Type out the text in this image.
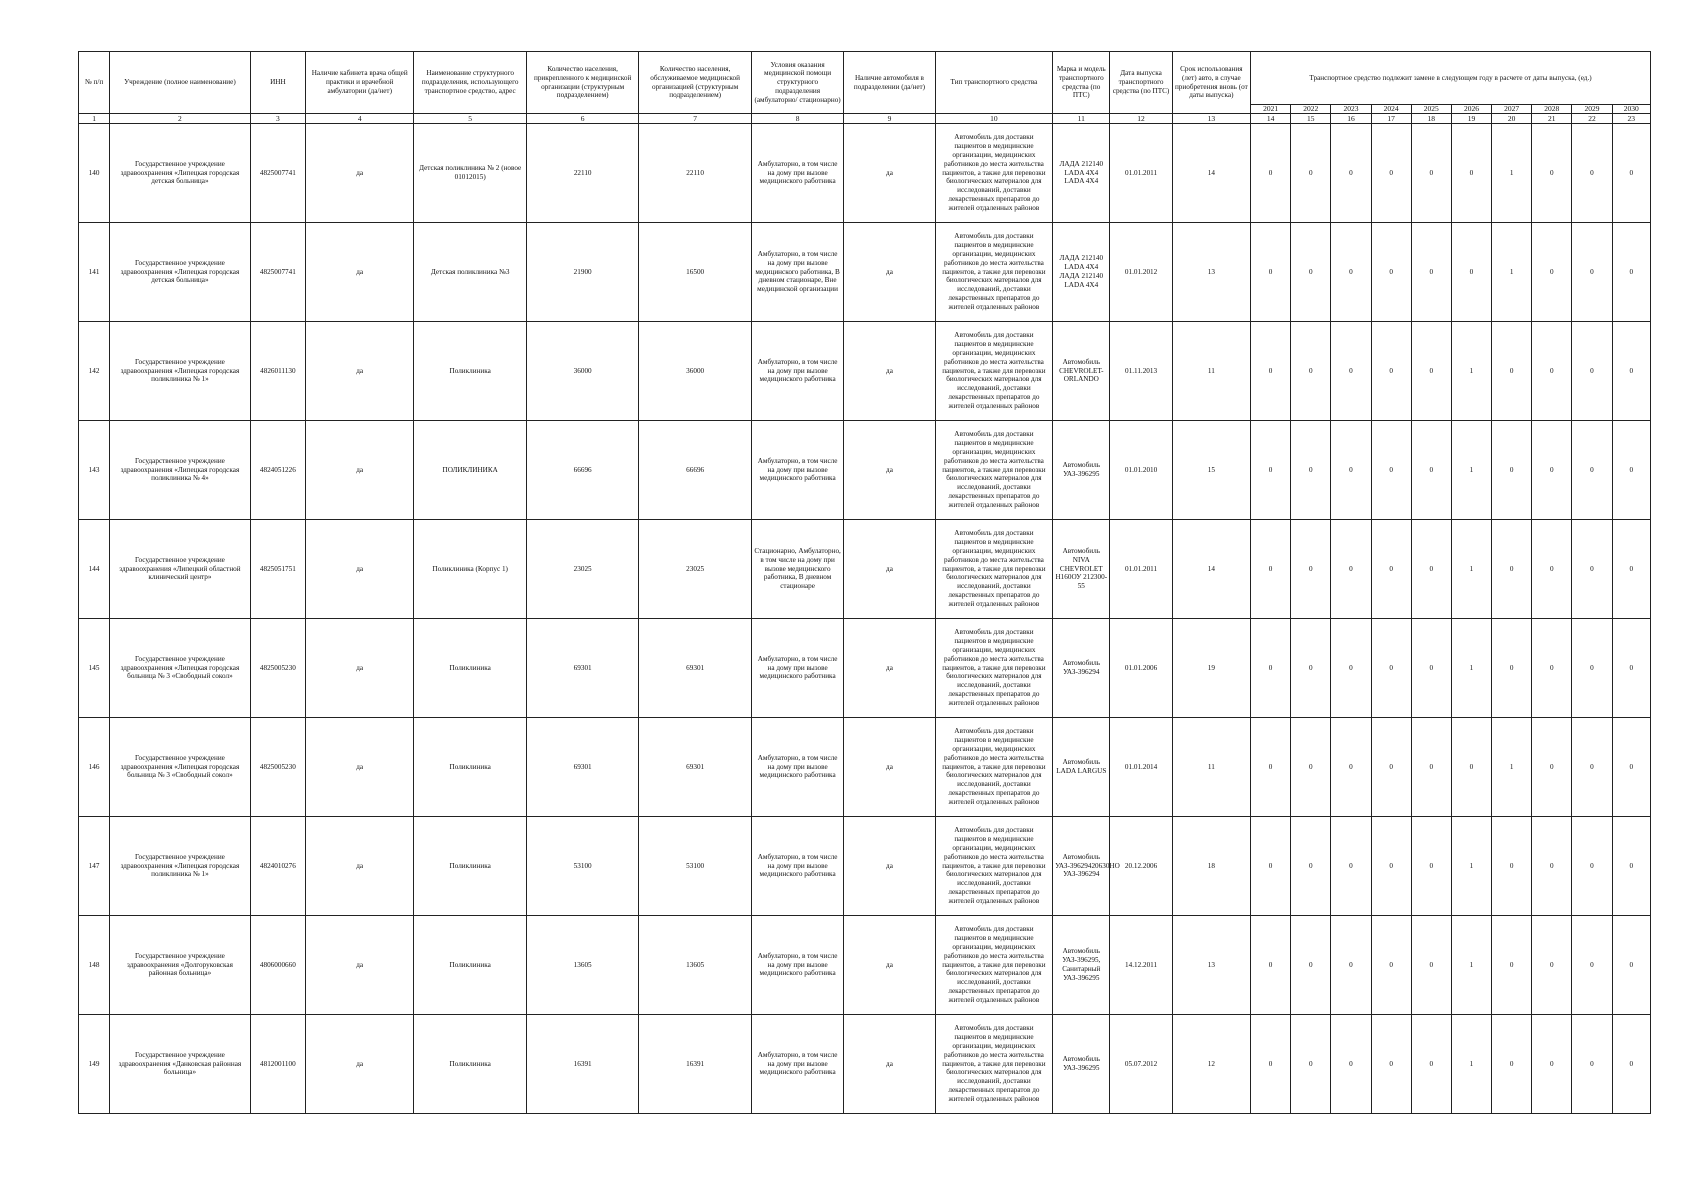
№ п/п	Учреждение (полное наименование)	ИНН	Наличие кабинета врача общей практики и врачебной амбулатории (да/нет)	Наименование структурного подразделения, использующего транспортное средство, адрес	Количество населения, прикрепленного к медицинской организации (структурным подразделением)	Количество населения, обслуживаемое медицинской организацией (структурным подразделением)	Условия оказания медицинской помощи структурного подразделения (амбулаторно/ стационарно)	Наличие автомобиля в подразделении (да/нет)	Тип транспортного средства	Марка и модель транспортного средства (по ПТС)	Дата выпуска транспортного средства (по ПТС)	Срок использования (лет) авто, в случае приобретения вновь (от даты выпуска)	Транспортное средство подлежит замене в следующем году в расчете от даты выпуска, (ед.)									
													2021	2022	2023	2024	2025	2026	2027	2028	2029	2030
1	2	3	4	5	6	7	8	9	10	11	12	13	14	15	16	17	18	19	20	21	22	23
140	Государственное учреждение здравоохранения «Липецкая городская детская больница»	4825007741	да	Детская поликлиника № 2 (новое 01012015)	22110	22110	Амбулаторно, в том числе на дому при вызове медицинского работника	да	Автомобиль для доставки пациентов в медицинские организации, медицинских работников до места жительства пациентов, а также для перевозки биологических материалов для исследований, доставки лекарственных препаратов до жителей отдаленных районов	ЛАДА 212140 LADA 4X4 LADA 4X4	01.01.2011	14	0	0	0	0	0	0	1	0	0	0
141	Государственное учреждение здравоохранения «Липецкая городская детская больница»	4825007741	да	Детская поликлиника №3	21900	16500	Амбулаторно, в том числе на дому при вызове медицинского работника, В дневном стационаре, Вне медицинской организации	да	Автомобиль для доставки пациентов в медицинские организации, медицинских работников до места жительства пациентов, а также для перевозки биологических материалов для исследований, доставки лекарственных препаратов до жителей отдаленных районов	ЛАДА 212140 LADA 4X4 ЛАДА 212140 LADA 4X4	01.01.2012	13	0	0	0	0	0	0	1	0	0	0
142	Государственное учреждение здравоохранения «Липецкая городская поликлиника № 1»	4826011130	да	Поликлиника	36000	36000	Амбулаторно, в том числе на дому при вызове медицинского работника	да	Автомобиль для доставки пациентов в медицинские организации, медицинских работников до места жительства пациентов, а также для перевозки биологических материалов для исследований, доставки лекарственных препаратов до жителей отдаленных районов	Автомобиль CHEVROLET-ORLANDO	01.11.2013	11	0	0	0	0	0	1	0	0	0	0
143	Государственное учреждение здравоохранения «Липецкая городская поликлиника № 4»	4824051226	да	ПОЛИКЛИНИКА	66696	66696	Амбулаторно, в том числе на дому при вызове медицинского работника	да	Автомобиль для доставки пациентов в медицинские организации, медицинских работников до места жительства пациентов, а также для перевозки биологических материалов для исследований, доставки лекарственных препаратов до жителей отдаленных районов	Автомобиль УАЗ-396295	01.01.2010	15	0	0	0	0	0	1	0	0	0	0
144	Государственное учреждение здравоохранения «Липецкий областной клинический центр»	4825051751	да	Поликлиника (Корпус 1)	23025	23025	Стационарно, Амбулаторно, в том числе на дому при вызове медицинского работника, В дневном стационаре	да	Автомобиль для доставки пациентов в медицинские организации, медицинских работников до места жительства пациентов, а также для перевозки биологических материалов для исследований, доставки лекарственных препаратов до жителей отдаленных районов	Автомобиль NIVA CHEVROLET Н160ОУ 212300-55	01.01.2011	14	0	0	0	0	0	1	0	0	0	0
145	Государственное учреждение здравоохранения «Липецкая городская больница № 3 «Свободный сокол»	4825005230	да	Поликлиника	69301	69301	Амбулаторно, в том числе на дому при вызове медицинского работника	да	Автомобиль для доставки пациентов в медицинские организации, медицинских работников до места жительства пациентов, а также для перевозки биологических материалов для исследований, доставки лекарственных препаратов до жителей отдаленных районов	Автомобиль УАЗ-396294	01.01.2006	19	0	0	0	0	0	1	0	0	0	0
146	Государственное учреждение здравоохранения «Липецкая городская больница № 3 «Свободный сокол»	4825005230	да	Поликлиника	69301	69301	Амбулаторно, в том числе на дому при вызове медицинского работника	да	Автомобиль для доставки пациентов в медицинские организации, медицинских работников до места жительства пациентов, а также для перевозки биологических материалов для исследований, доставки лекарственных препаратов до жителей отдаленных районов	Автомобиль LADA LARGUS	01.01.2014	11	0	0	0	0	0	0	1	0	0	0
147	Государственное учреждение здравоохранения «Липецкая городская поликлиника № 1»	4824010276	да	Поликлиника	53100	53100	Амбулаторно, в том числе на дому при вызове медицинского работника	да	Автомобиль для доставки пациентов в медицинские организации, медицинских работников до места жительства пациентов, а также для перевозки биологических материалов для исследований, доставки лекарственных препаратов до жителей отдаленных районов	Автомобиль УАЗ-39629420630НО УАЗ-396294	20.12.2006	18	0	0	0	0	0	1	0	0	0	0
148	Государственное учреждение здравоохранения «Долгоруковская районная больница»	4806000660	да	Поликлиника	13605	13605	Амбулаторно, в том числе на дому при вызове медицинского работника	да	Автомобиль для доставки пациентов в медицинские организации, медицинских работников до места жительства пациентов, а также для перевозки биологических материалов для исследований, доставки лекарственных препаратов до жителей отдаленных районов	Автомобиль УАЗ-396295, Санитарный УАЗ-396295	14.12.2011	13	0	0	0	0	0	1	0	0	0	0
149	Государственное учреждение здравоохранения «Данковская районная больница»	4812001100	да	Поликлиника	16391	16391	Амбулаторно, в том числе на дому при вызове медицинского работника	да	Автомобиль для доставки пациентов в медицинские организации, медицинских работников до места жительства пациентов, а также для перевозки биологических материалов для исследований, доставки лекарственных препаратов до жителей отдаленных районов	Автомобиль УАЗ-396295	05.07.2012	12	0	0	0	0	0	1	0	0	0	0
